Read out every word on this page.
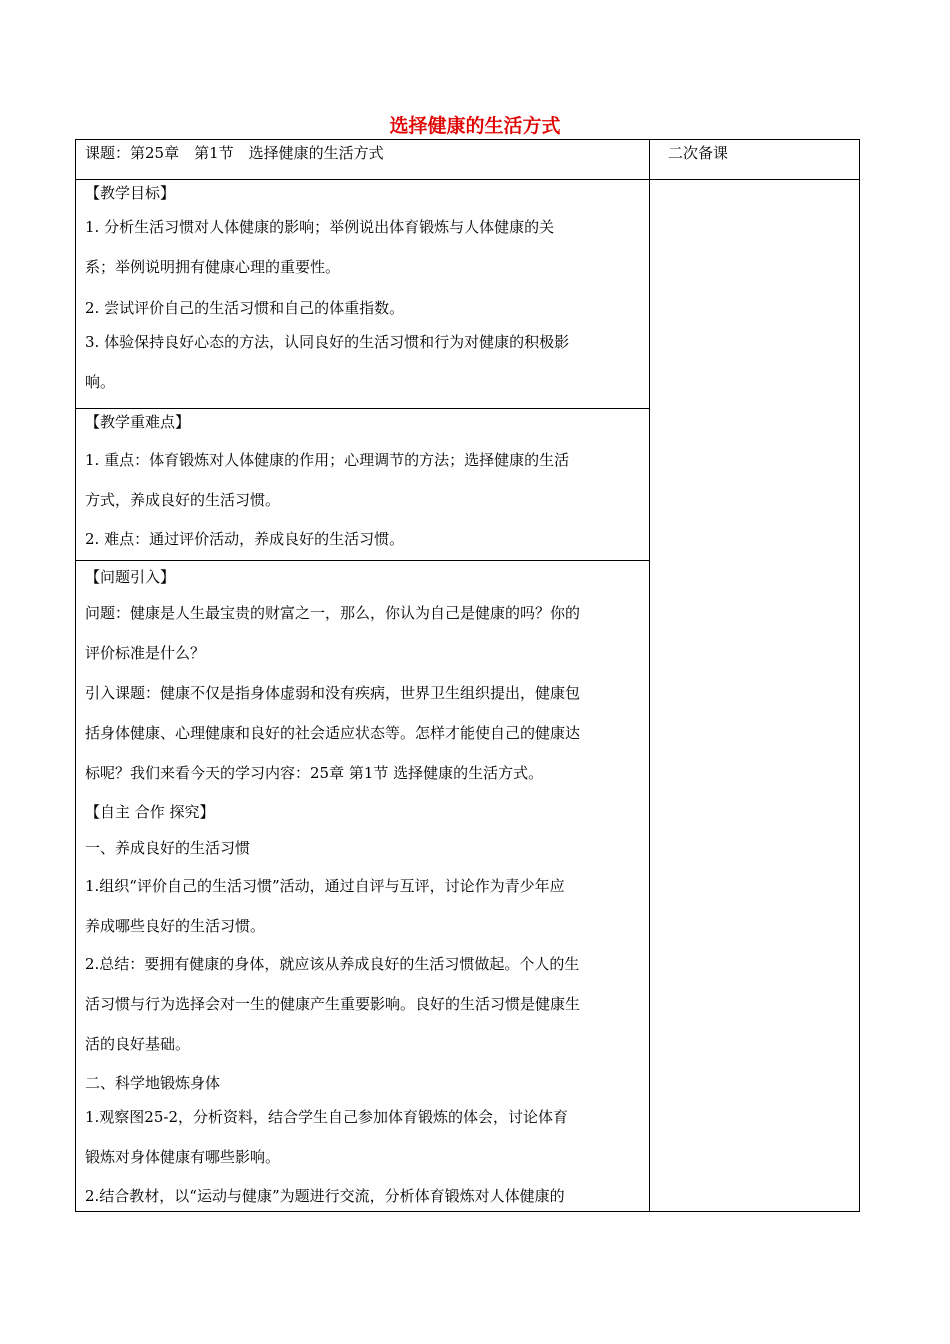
选择健康的生活方式
课题：第25章　第1节　选择健康的生活方式	二次备课
【教学目标】
1. 分析生活习惯对人体健康的影响；举例说出体育锻炼与人体健康的关
系；举例说明拥有健康心理的重要性。
2. 尝试评价自己的生活习惯和自己的体重指数。
3. 体验保持良好心态的方法，认同良好的生活习惯和行为对健康的积极影
响。
【教学重难点】
1. 重点：体育锻炼对人体健康的作用；心理调节的方法；选择健康的生活
方式，养成良好的生活习惯。
2. 难点：通过评价活动，养成良好的生活习惯。
【问题引入】
问题：健康是人生最宝贵的财富之一，那么，你认为自己是健康的吗？你的
评价标准是什么？
引入课题：健康不仅是指身体虚弱和没有疾病，世界卫生组织提出，健康包
括身体健康、心理健康和良好的社会适应状态等。怎样才能使自己的健康达
标呢？我们来看今天的学习内容：25章 第1节 选择健康的生活方式。
【自主 合作 探究】
一、养成良好的生活习惯
1.组织“评价自己的生活习惯”活动，通过自评与互评，讨论作为青少年应
养成哪些良好的生活习惯。
2.总结：要拥有健康的身体，就应该从养成良好的生活习惯做起。个人的生
活习惯与行为选择会对一生的健康产生重要影响。良好的生活习惯是健康生
活的良好基础。
二、科学地锻炼身体
1.观察图25-2，分析资料，结合学生自己参加体育锻炼的体会，讨论体育
锻炼对身体健康有哪些影响。
2.结合教材，以“运动与健康”为题进行交流，分析体育锻炼对人体健康的
